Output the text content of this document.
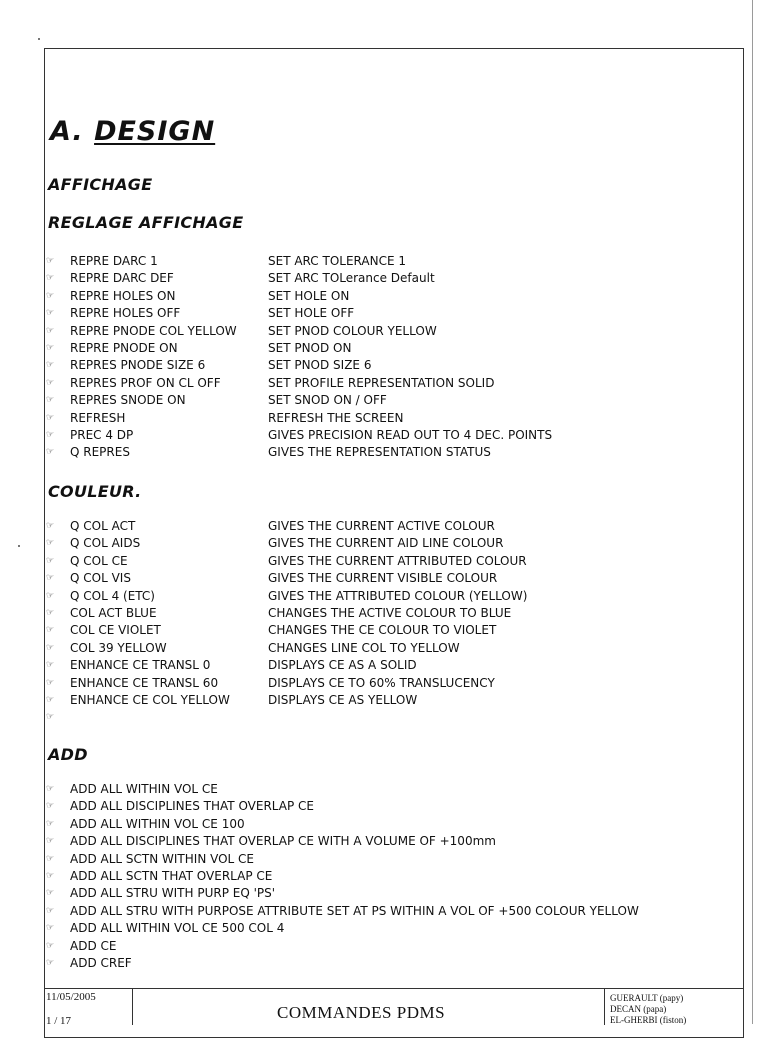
A. DESIGN
AFFICHAGE
REGLAGE AFFICHAGE
☞	REPRE DARC 1	SET ARC TOLERANCE 1
☞	REPRE DARC DEF	SET ARC TOLerance Default
☞	REPRE HOLES ON	SET HOLE ON
☞	REPRE HOLES OFF	SET HOLE OFF
☞	REPRE PNODE COL YELLOW	SET PNOD COLOUR YELLOW
☞	REPRE PNODE ON	SET PNOD ON
☞	REPRES PNODE SIZE 6	SET PNOD SIZE 6
☞	REPRES PROF ON CL OFF	SET PROFILE REPRESENTATION SOLID
☞	REPRES SNODE ON	SET SNOD ON / OFF
☞	REFRESH	REFRESH THE SCREEN
☞	PREC 4 DP	GIVES PRECISION READ OUT TO 4 DEC. POINTS
☞	Q REPRES	GIVES THE REPRESENTATION STATUS
COULEUR.
☞	Q COL ACT	GIVES THE CURRENT ACTIVE COLOUR
☞	Q COL AIDS	GIVES THE CURRENT AID LINE COLOUR
☞	Q COL CE	GIVES THE CURRENT ATTRIBUTED COLOUR
☞	Q COL VIS	GIVES THE CURRENT VISIBLE COLOUR
☞	Q COL 4 (ETC)	GIVES THE ATTRIBUTED COLOUR (YELLOW)
☞	COL ACT BLUE	CHANGES THE ACTIVE COLOUR TO BLUE
☞	COL CE VIOLET	CHANGES THE CE COLOUR TO VIOLET
☞	COL 39 YELLOW	CHANGES LINE COL TO YELLOW
☞	ENHANCE CE TRANSL 0	DISPLAYS CE AS A SOLID
☞	ENHANCE CE TRANSL 60	DISPLAYS CE TO 60% TRANSLUCENCY
☞	ENHANCE CE COL YELLOW	DISPLAYS CE AS YELLOW
☞
ADD
☞	ADD ALL WITHIN VOL CE
☞	ADD ALL DISCIPLINES THAT OVERLAP CE
☞	ADD ALL WITHIN VOL CE 100
☞	ADD ALL DISCIPLINES THAT OVERLAP CE WITH A VOLUME OF +100mm
☞	ADD ALL SCTN WITHIN VOL CE
☞	ADD ALL SCTN THAT OVERLAP CE
☞	ADD ALL STRU WITH PURP EQ 'PS'
☞	ADD ALL STRU WITH PURPOSE ATTRIBUTE SET AT PS WITHIN A VOL OF +500 COLOUR YELLOW
☞	ADD ALL WITHIN VOL CE 500 COL 4
☞	ADD CE
☞	ADD CREF
11/05/2005
1 / 17	COMMANDES PDMS
GUERAULT (papy)
DECAN (papa)
EL-GHERBI (fiston)
